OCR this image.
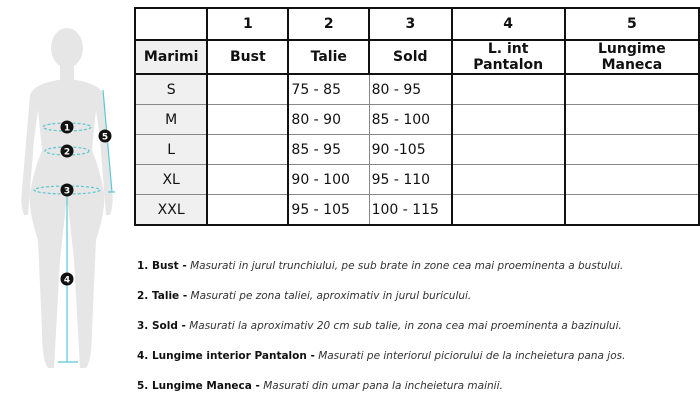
1
2
3
4
5
	1	2	3	4	5
Marimi	Bust	Talie	Sold	L. int Pantalon	Lungime Maneca
S		75 - 85	80 - 95		
M		80 - 90	85 - 100		
L		85 - 95	90 -105		
XL		90 - 100	95 - 110		
XXL		95 - 105	100 - 115		
1. Bust - Masurati in jurul trunchiului, pe sub brate in zone cea mai proeminenta a bustului.
2. Talie - Masurati pe zona taliei, aproximativ in jurul buricului.
3. Sold - Masurati la aproximativ 20 cm sub talie, in zona cea mai proeminenta a bazinului.
4. Lungime interior Pantalon - Masurati pe interiorul piciorului de la incheietura pana jos.
5. Lungime Maneca - Masurati din umar pana la incheietura mainii.
